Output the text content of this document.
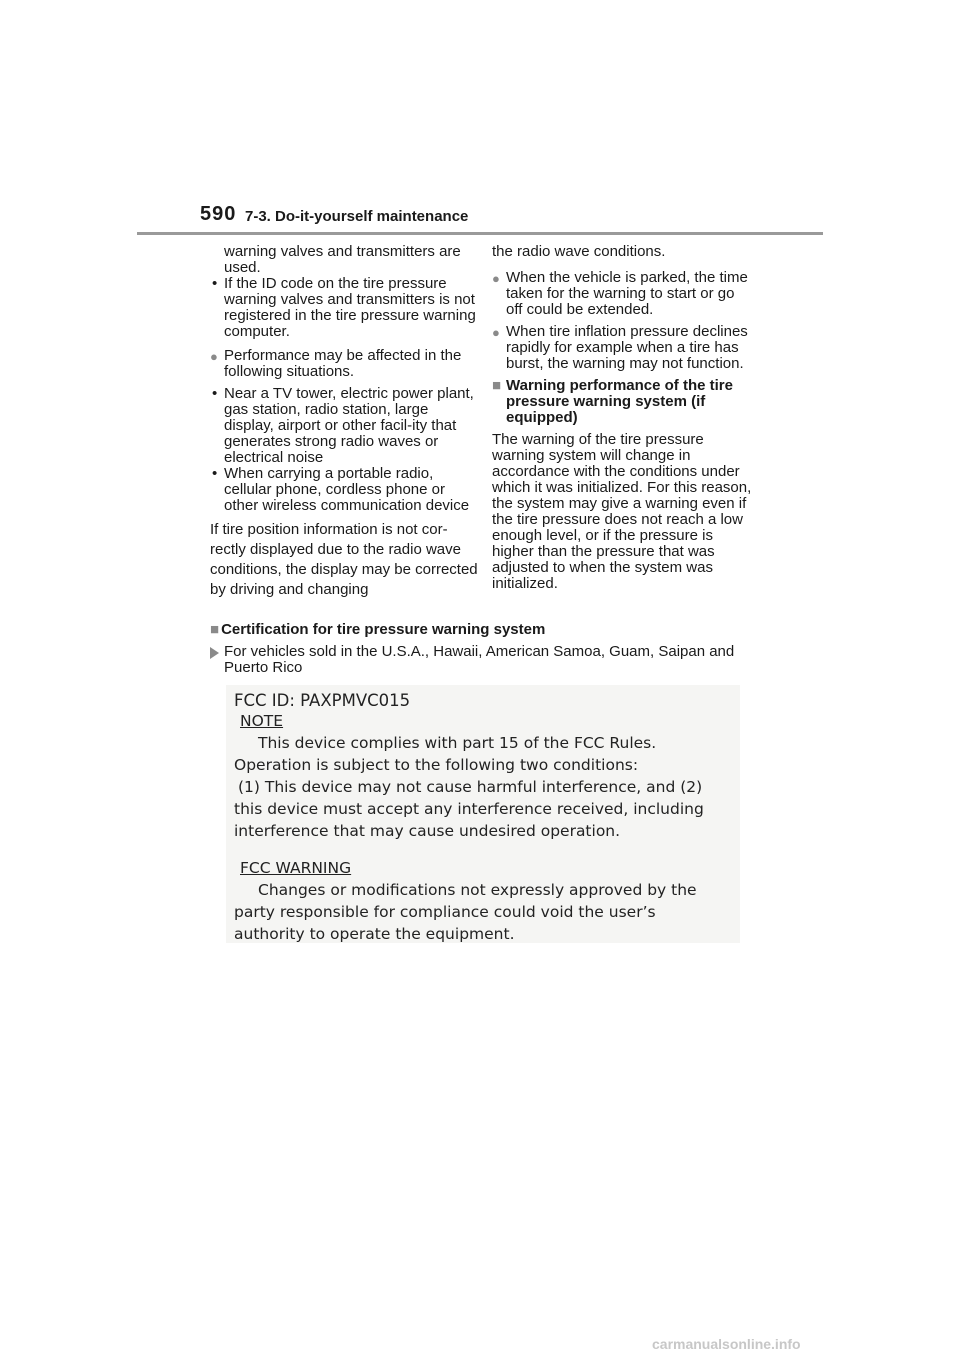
590 7-3. Do-it-yourself maintenance

warning valves and transmitters are used.

• If the ID code on the tire pressure warning valves and transmitters is not registered in the tire pressure warning computer.

● Performance may be affected in the following situations.

• Near a TV tower, electric power plant, gas station, radio station, large display, airport or other facil-ity that generates strong radio waves or electrical noise

• When carrying a portable radio, cellular phone, cordless phone or other wireless communication device

If tire position information is not cor-rectly displayed due to the radio wave conditions, the display may be corrected by driving and changing

the radio wave conditions.

● When the vehicle is parked, the time taken for the warning to start or go off could be extended.

● When tire inflation pressure declines rapidly for example when a tire has burst, the warning may not function.

■ Warning performance of the tire pressure warning system (if equipped)

The warning of the tire pressure warning system will change in accordance with the conditions under which it was initialized. For this reason, the system may give a warning even if the tire pressure does not reach a low enough level, or if the pressure is higher than the pressure that was adjusted to when the system was initialized.

■ Certification for tire pressure warning system
For vehicles sold in the U.S.A., Hawaii, American Samoa, Guam, Saipan and Puerto Rico
FCC ID: PAXPMVC015
NOTE
This device complies with part 15 of the FCC Rules.
Operation is subject to the following two conditions:
(1) This device may not cause harmful interference, and (2)
this device must accept any interference received, including
interference that may cause undesired operation.
FCC WARNING
Changes or modifications not expressly approved by the
party responsible for compliance could void the user’s
authority to operate the equipment.
carmanualsonline.info
